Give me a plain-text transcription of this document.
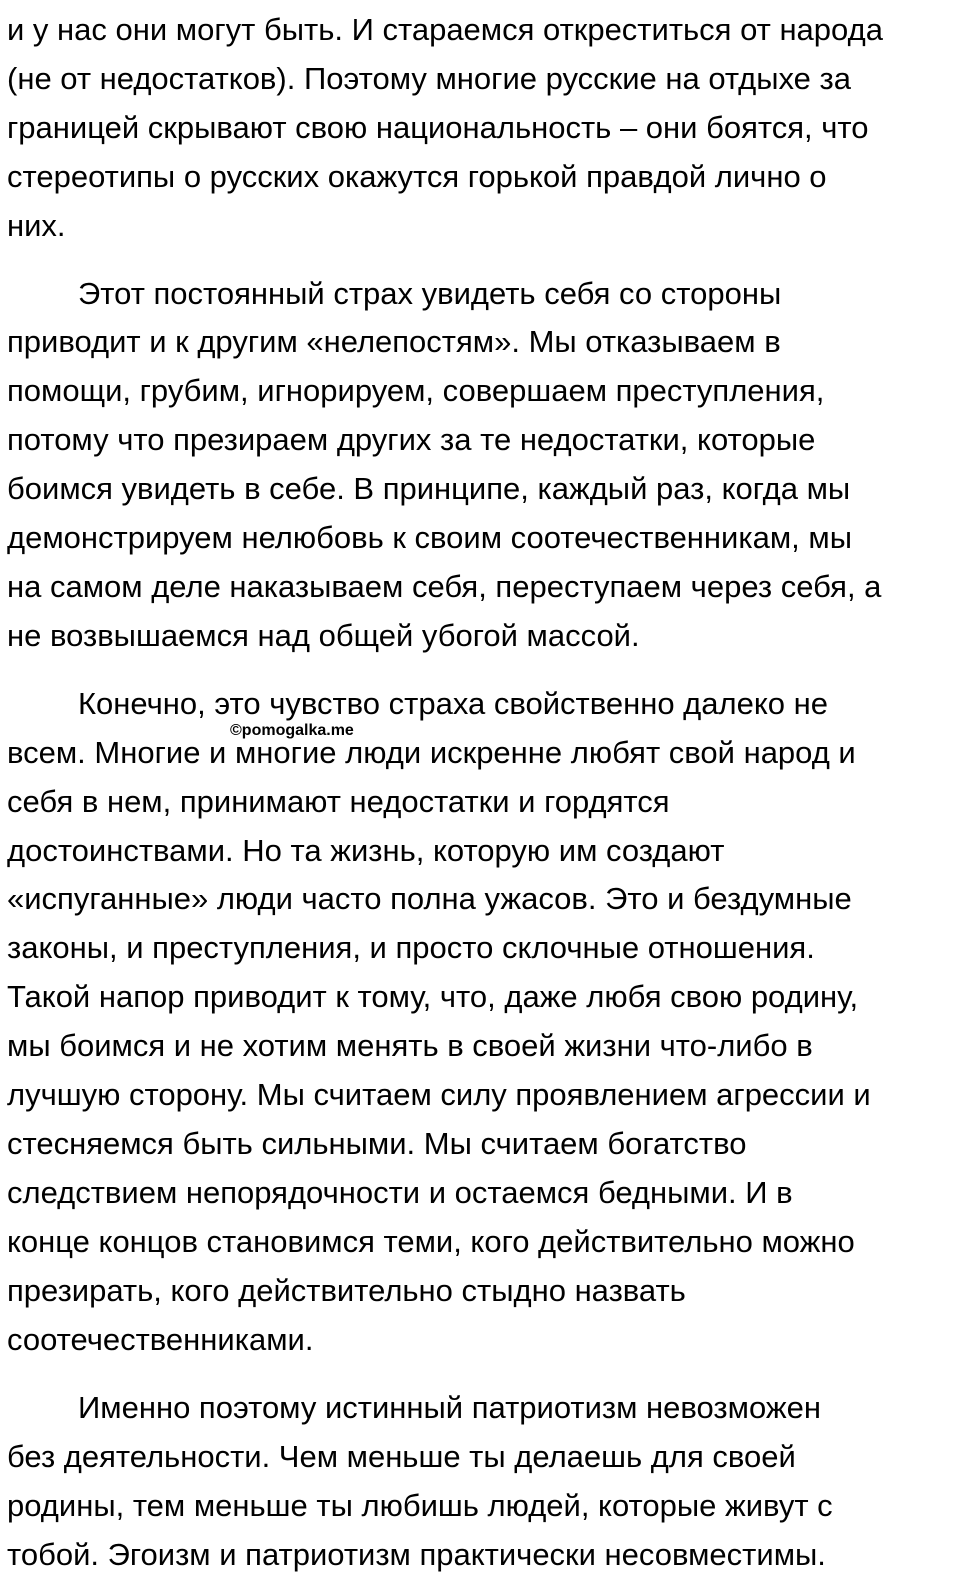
и у нас они могут быть. И стараемся откреститься от народа
(не от недостатков). Поэтому многие русские на отдыхе за
границей скрывают свою национальность – они боятся, что
стереотипы о русских окажутся горькой правдой лично о
них.

Этот постоянный страх увидеть себя со стороны
приводит и к другим «нелепостям». Мы отказываем в
помощи, грубим, игнорируем, совершаем преступления,
потому что презираем других за те недостатки, которые
боимся увидеть в себе. В принципе, каждый раз, когда мы
демонстрируем нелюбовь к своим соотечественникам, мы
на самом деле наказываем себя, переступаем через себя, а
не возвышаемся над общей убогой массой.

Конечно, это чувство страха свойственно далеко не
всем. Многие и многие люди искренне любят свой народ и
себя в нем, принимают недостатки и гордятся
достоинствами. Но та жизнь, которую им создают
«испуганные» люди часто полна ужасов. Это и бездумные
законы, и преступления, и просто склочные отношения.
Такой напор приводит к тому, что, даже любя свою родину,
мы боимся и не хотим менять в своей жизни что-либо в
лучшую сторону. Мы считаем силу проявлением агрессии и
стесняемся быть сильными. Мы считаем богатство
следствием непорядочности и остаемся бедными. И в
конце концов становимся теми, кого действительно можно
презирать, кого действительно стыдно назвать
соотечественниками.

Именно поэтому истинный патриотизм невозможен
без деятельности. Чем меньше ты делаешь для своей
родины, тем меньше ты любишь людей, которые живут с
тобой. Эгоизм и патриотизм практически несовместимы.

©pomogalka.me
